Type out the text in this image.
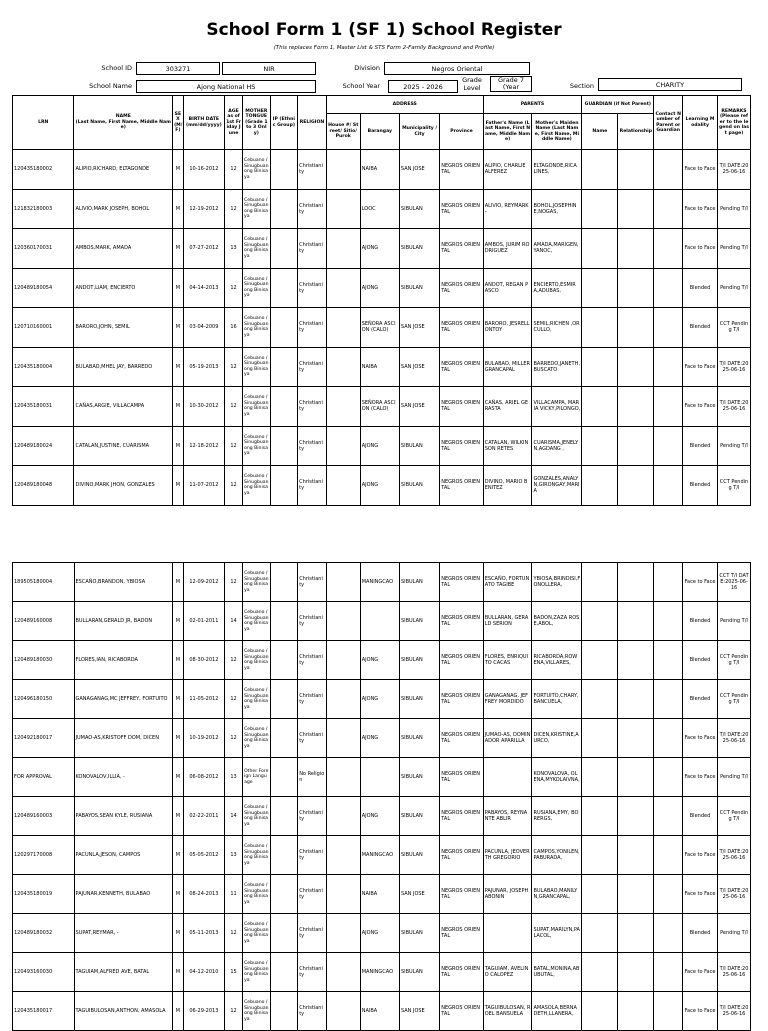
School Form 1 (SF 1) School Register
(This replaces Form 1, Master List & STS Form 2-Family Background and Profile)
School ID	303271	NIR	Division	Negros Oriental
School Name	Ajong National HS	School Year	2025 - 2026
Grade Level
Grade 7 (Year	Section	CHARITY
LRN	NAME
(Last Name, First Name, Middle Name)	SEX (M/F)	BIRTH DATE (mm/dd/yyyy)	AGE as of 1st Friday June	MOTHER TONGUE (Grade 1 to 3 Only)	IP (Ethnic Group)	RELIGION	ADDRESS				PARENTS		GUARDIAN (if Not Parent)		Contact Number of Parent or Guardian	Learning Modality	REMARKS
(Please refer to the legend on last page)
								House #/ Street/ Sitio/ Purok	Barangay	Municipality / City	Province	Father's Name (Last Name, First Name, Middle Name)	Mother's Maiden Name (Last Name, First Name, Middle Name)	Name	Relationship			
120435180002	ALIPIO,RICHARD, ELTAGONDE	M	10-16-2012	12	Cebuano / Sinugbuanong Binisaya		Christianity		NAIBA	SAN JOSE	NEGROS ORIENTAL	ALIPIO, CHARLIE ALFEREZ	ELTAGONDE,RICA LINES,				Face to Face	T/I DATE:2025-06-16
121832180003	ALIVIO,MARK JOSEPH, BOHOL	M	12-19-2012	12	Cebuano / Sinugbuanong Binisaya		Christianity		LOOC	SIBULAN	NEGROS ORIENTAL	ALIVIO, REYMARK -	BOHOL,JOSEPHINE,NOGAS,				Face to Face	Pending T/I
120360170031	AMBOS,MARK, AMADA	M	07-27-2012	13	Cebuano / Sinugbuanong Binisaya		Christianity		AJONG	SIBULAN	NEGROS ORIENTAL	AMBOS, JURIM RODRIGUEZ	AMADA,MARIGEN,YANOC,				Face to Face	Pending T/I
120489180054	ANDOT,LIAM, ENCIERTO	M	04-14-2013	12	Cebuano / Sinugbuanong Binisaya		Christianity		AJONG	SIBULAN	NEGROS ORIENTAL	ANDOT, REGAN PASCO	ENCIERTO,ESMIRA,ADUBAS,				Blended	Pending T/I
120710160001	BARORO,JOHN, SEMIL	M	03-04-2009	16	Cebuano / Sinugbuanong Binisaya		Christianity		SEÑORA ASCION (CALO)	SAN JOSE	NEGROS ORIENTAL	BARORO, JESRELL ONTOY	SEMIL,RICHEN ,ORCULLO,				Blended	CCT Pending T/I
120435180004	BULABAO,MHEL JAY, BARREDO	M	05-19-2013	12	Cebuano / Sinugbuanong Binisaya		Christianity		NAIBA	SAN JOSE	NEGROS ORIENTAL	BULABAO, MILLER GRANCAPAL	BARREDO,JANETH,BUSCATO				Face to Face	T/I DATE:2025-06-16
120435180031	CAÑAS,ARGIE, VILLACAMPA	M	10-30-2012	12	Cebuano / Sinugbuanong Binisaya		Christianity		SEÑORA ASCION (CALO)	SAN JOSE	NEGROS ORIENTAL	CAÑAS, ARIEL GERASTA	VILLACAMPA, MARIA VICKY,PILONGO,				Face to Face	T/I DATE:2025-06-16
120489180024	CATALAN,JUSTINE, CUARISMA	M	12-18-2012	12	Cebuano / Sinugbuanong Binisaya		Christianity		AJONG	SIBULAN	NEGROS ORIENTAL	CATALAN, WILKINSON RETES	CUARISMA,JENELYN,AGDANG ,				Blended	Pending T/I
120489180048	DIVINO,MARK JHON, GONZALES	M	11-07-2012	12	Cebuano / Sinugbuanong Binisaya		Christianity		AJONG	SIBULAN	NEGROS ORIENTAL	DIVINO, MARIO BENITEZ	GONZALES,ANALYN,GIRONGAY,MARIA				Blended	CCT Pending T/I
189505180004	ESCAÑO,BRANDON, YBIOSA	M	12-09-2012	12	Cebuano / Sinugbuanong Binisaya		Christianity		MANINGCAO	SIBULAN	NEGROS ORIENTAL	ESCAÑO, FORTUNATO TAGIBE	YBIOSA,BRINDISI,FONOLLERA,				Face to Face	CCT T/I DATE:2025-06-16
120489160008	BULLARAN,GERALD JR, BADON	M	02-01-2011	14	Cebuano / Sinugbuanong Binisaya		Christianity			SIBULAN	NEGROS ORIENTAL	BULLARAN, GERALD SERION	BADON,ZAZA ROSE,ABOL,				Blended	Pending T/I
120489180030	FLORES,IAN, RICABORDA	M	08-30-2012	12	Cebuano / Sinugbuanong Binisaya		Christianity		AJONG	SIBULAN	NEGROS ORIENTAL	FLORES, ENRIQUITO CACAS	RICABORDA,ROWENA,VILLARES,				Blended	CCT Pending T/I
120496180150	GANAGANAG,MC JEFFREY, FORTUITO	M	11-05-2012	12	Cebuano / Sinugbuanong Binisaya		Christianity		AJONG	SIBULAN	NEGROS ORIENTAL	GANAGANAG, JEFFREY MORDIDO	FORTUITO,CHARY,BANCUELA,				Blended	CCT Pending T/I
120492180017	JUMAO-AS,KRISTOFF DOM, DICEN	M	10-19-2012	12	Cebuano / Sinugbuanong Binisaya		Christianity		AJONG	SIBULAN	NEGROS ORIENTAL	JUMAO-AS, DOMINADOR APARILLA	DICEN,KRISTINE,AURCO,				Face to Face	T/I DATE:2025-06-16
FOR APPROVAL	KONOVALOV,ILLIA, -	M	06-08-2012	13	Other Foreign Language		No Religion			SIBULAN	NEGROS ORIENTAL		KONOVALOVA, OLENA,MYKOLAIVNA,				Face to Face	Pending T/I
120489160003	PABAYOS,SEAN KYLE, RUSIANA	M	02-22-2011	14	Cebuano / Sinugbuanong Binisaya		Christianity		AJONG	SIBULAN	NEGROS ORIENTAL	PABAYOS, REYNANTE ABLIR	RUSIANA,EMY, BORERGS,				Blended	CCT Pending T/I
120297170008	PACUNLA,JESON, CAMPOS	M	05-05-2012	13	Cebuano / Sinugbuanong Binisaya		Christianity		MANINGCAO	SIBULAN	NEGROS ORIENTAL	PACUNLA, JEOVERTH GREGORIO	CAMPOS,YONILEN,PABURADA,				Face to Face	T/I DATE:2025-06-16
120435180019	PAJUNAR,KENNETH, BULABAO	M	08-24-2013	11	Cebuano / Sinugbuanong Binisaya		Christianity		NAIBA	SAN JOSE	NEGROS ORIENTAL	PAJUNAR, JOSEPH ABONIN	BULABAO,MANILYN,GRANCAPAL,				Face to Face	T/I DATE:2025-06-16
120489180032	SUPAT,REYMAR, -	M	05-11-2013	12	Cebuano / Sinugbuanong Binisaya		Christianity		AJONG	SIBULAN	NEGROS ORIENTAL		SUPAT,MARILYN,PALACOL,				Blended	Pending T/I
120493160030	TAGUIAM,ALFRED AVE, BATAL	M	04-12-2010	15	Cebuano / Sinugbuanong Binisaya		Christianity		MANINGCAO	SIBULAN	NEGROS ORIENTAL	TAGUIAM, AVELINO CALOPEZ	BATAL,MONINA,ABUBUTAL,				Face to Face	T/I DATE:2025-06-16
120435180017	TAGUIBULOSAN,ANTHON, AMASOLA	M	06-29-2013	12	Cebuano / Sinugbuanong Binisaya		Christianity		NAIBA	SAN JOSE	NEGROS ORIENTAL	TAGUIBULOSAN, ROEL BANSUELA	AMASOLA,BERNADETH,LLANERA,				Face to Face	T/I DATE:2025-06-16
